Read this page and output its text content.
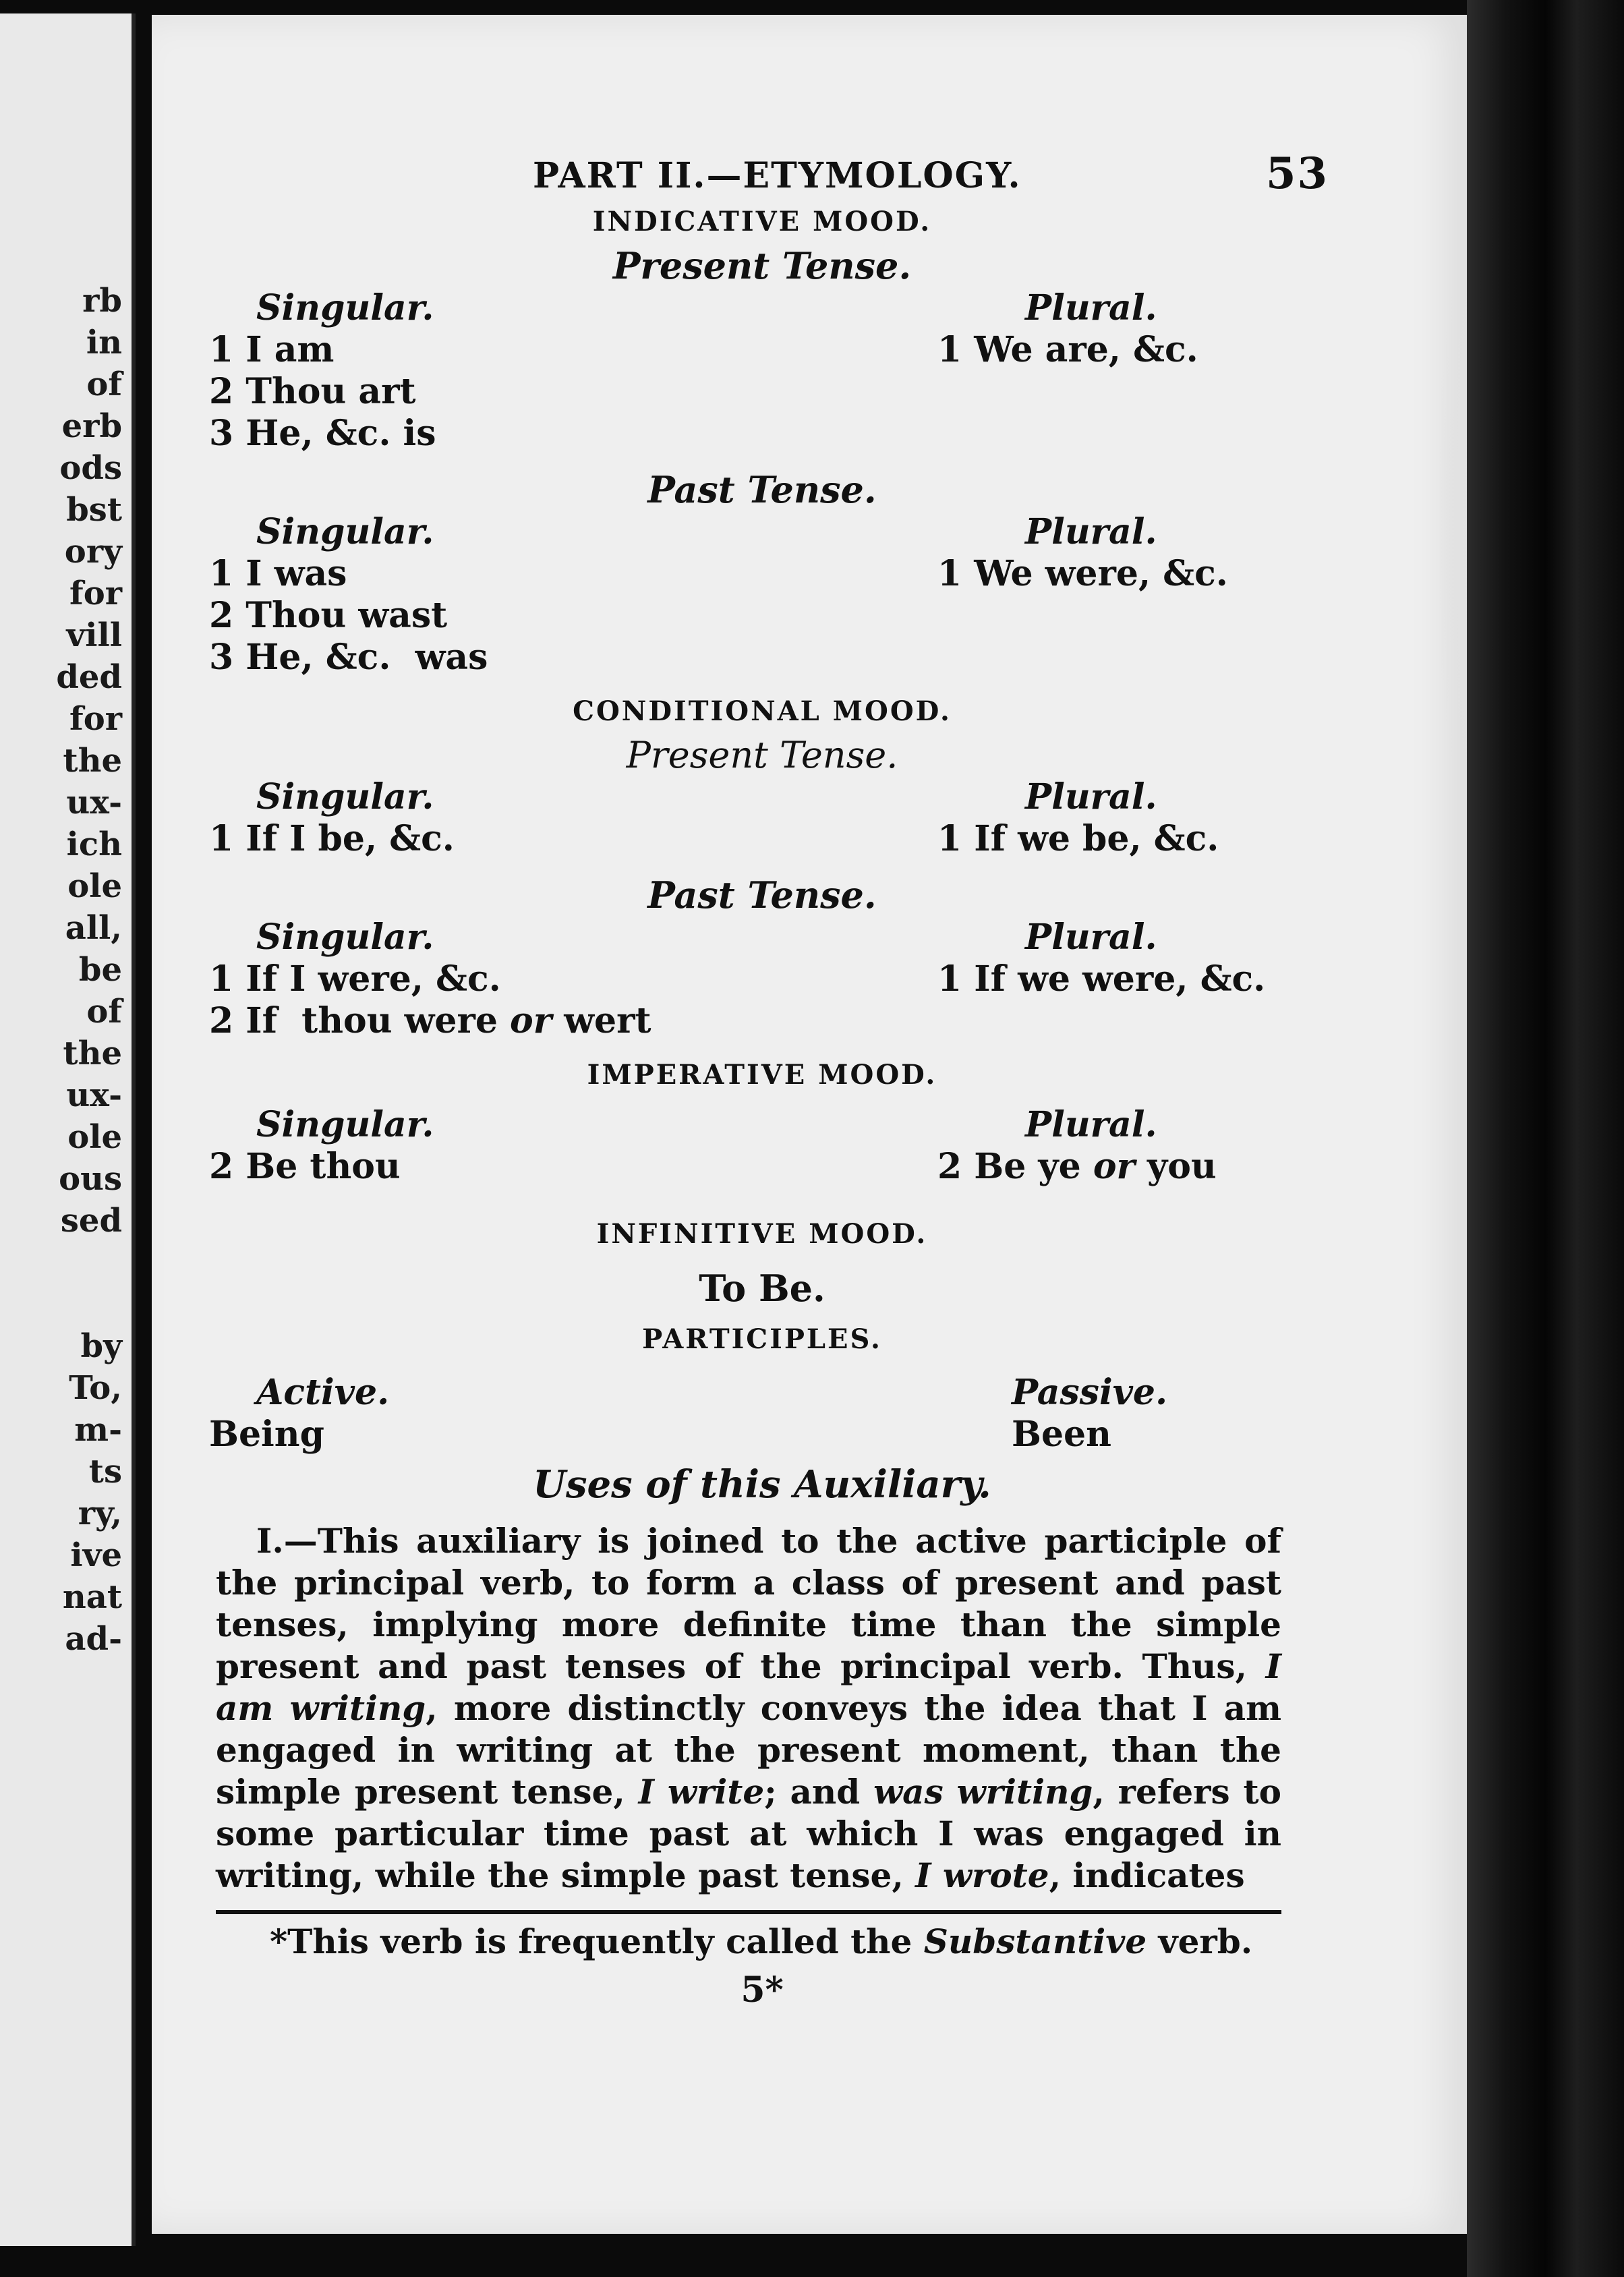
rb
in
of
erb
ods
bst
ory
for
vill
ded
for
the
ux-
ich
ole
all,
be
of
the
ux-
ole
ous
sed

by
To,
m-
ts
ry,
ive
nat
ad-
PART II.—ETYMOLOGY.	53

INDICATIVE MOOD.

Present Tense.

Singular.
1 I am
2 Thou art
3 He, &c. is
Plural.
1 We are, &c.

Past Tense.

Singular.
1 I was
2 Thou wast
3 He, &c.  was
Plural.
1 We were, &c.

CONDITIONAL MOOD.

Present Tense.

Singular.
1 If I be, &c.
Plural.
1 If we be, &c.

Past Tense.

Singular.
1 If I were, &c.
2 If  thou were or wert
Plural.
1 If we were, &c.

IMPERATIVE MOOD.

Singular.
2 Be thou
Plural.
2 Be ye or you

INFINITIVE MOOD.

To Be.

PARTICIPLES.

Active.
Being
Passive.
Been
Uses of this Auxiliary.

I.—This auxiliary is joined to the active participle of the principal verb, to form a class of present and past tenses, implying more definite time than the simple present and past tenses of the principal verb. Thus, I am writing, more distinctly conveys the idea that I am engaged in writing at the present moment, than the simple present tense, I write; and was writing, refers to some particular time past at which I was engaged in writing, while the simple past tense, I wrote, indicates

*This verb is frequently called the Substantive verb.
5*
